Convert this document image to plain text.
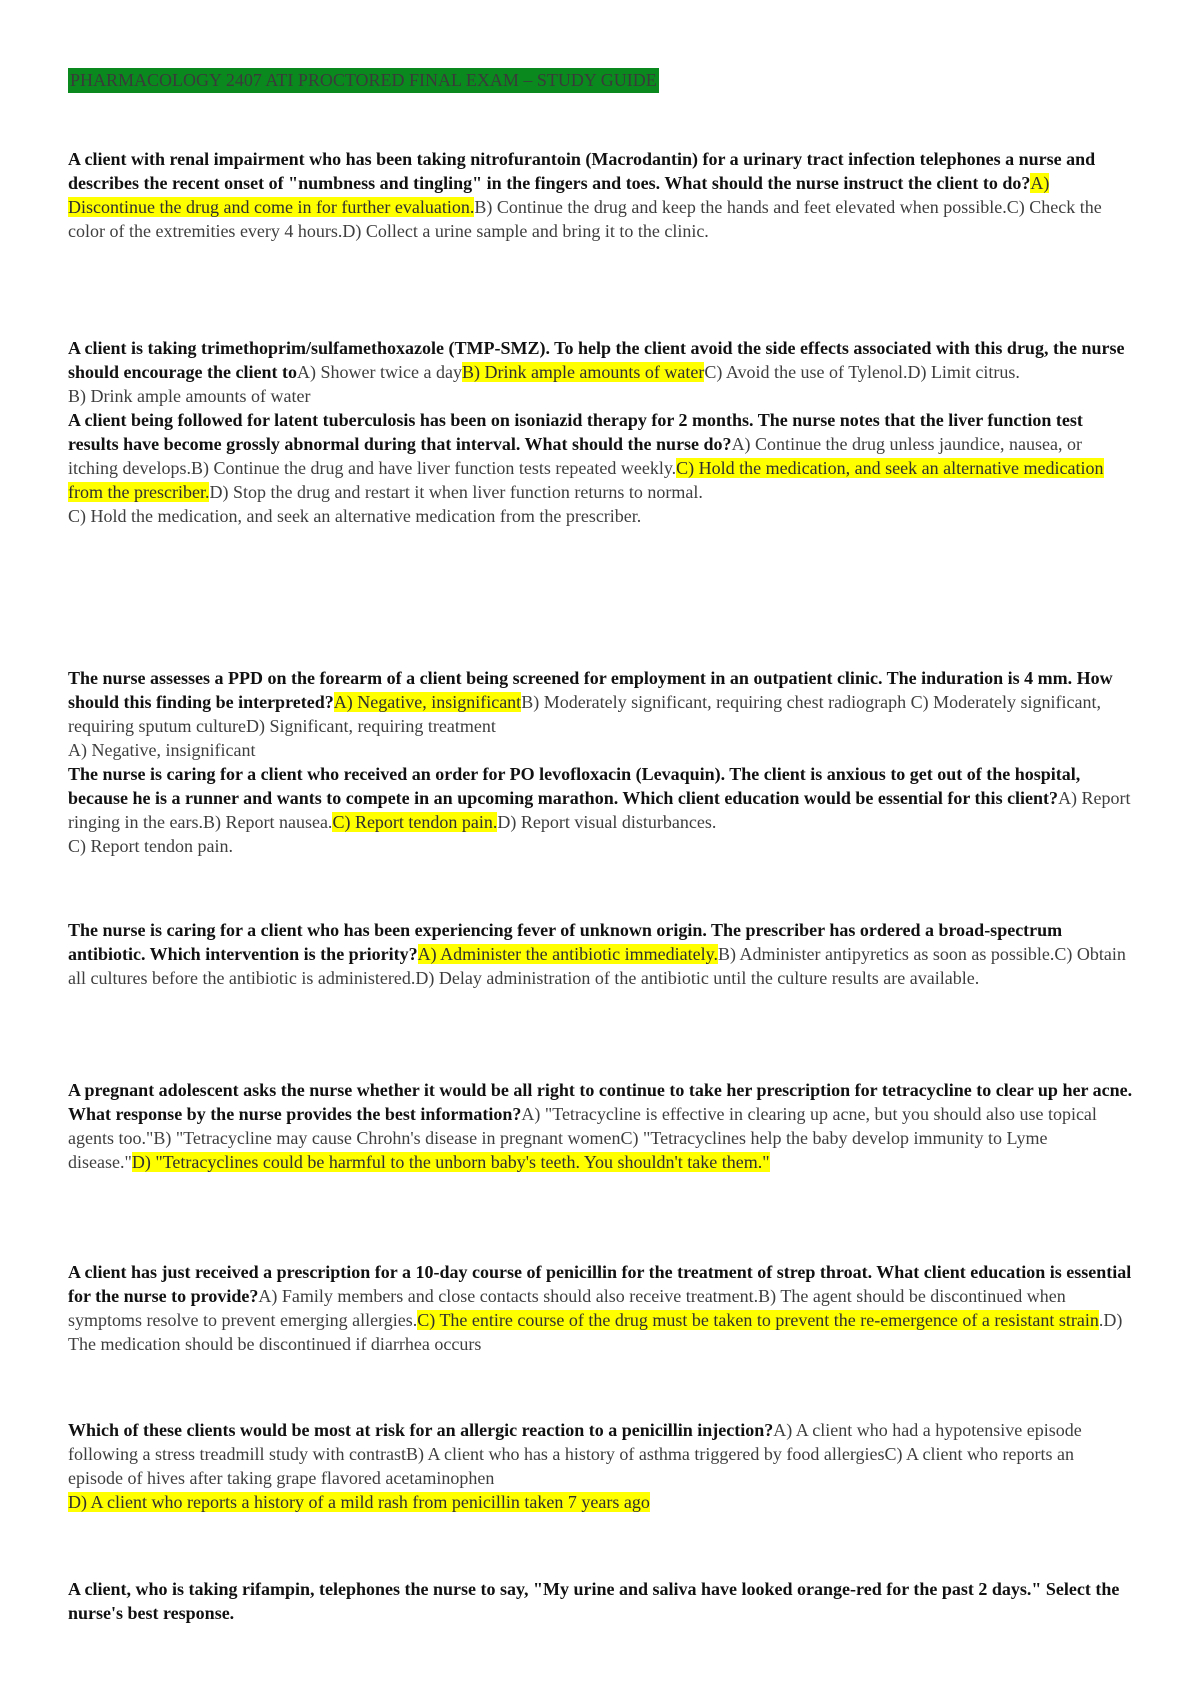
PHARMACOLOGY 2407 ATI PROCTORED FINAL EXAM – STUDY GUIDE
A client with renal impairment who has been taking nitrofurantoin (Macrodantin) for a urinary tract infection telephones a nurse and describes the recent onset of "numbness and tingling" in the fingers and toes. What should the nurse instruct the client to do?A) Discontinue the drug and come in for further evaluation.B) Continue the drug and keep the hands and feet elevated when possible.C) Check the color of the extremities every 4 hours.D) Collect a urine sample and bring it to the clinic.
A client is taking trimethoprim/sulfamethoxazole (TMP-SMZ). To help the client avoid the side effects associated with this drug, the nurse should encourage the client toA) Shower twice a dayB) Drink ample amounts of waterC) Avoid the use of Tylenol.D) Limit citrus.
B) Drink ample amounts of water
A client being followed for latent tuberculosis has been on isoniazid therapy for 2 months. The nurse notes that the liver function test results have become grossly abnormal during that interval. What should the nurse do?A) Continue the drug unless jaundice, nausea, or itching develops.B) Continue the drug and have liver function tests repeated weekly.C) Hold the medication, and seek an alternative medication from the prescriber.D) Stop the drug and restart it when liver function returns to normal.
C) Hold the medication, and seek an alternative medication from the prescriber.
The nurse assesses a PPD on the forearm of a client being screened for employment in an outpatient clinic. The induration is 4 mm. How should this finding be interpreted?A) Negative, insignificantB) Moderately significant, requiring chest radiograph C) Moderately significant, requiring sputum cultureD) Significant, requiring treatment
A) Negative, insignificant
The nurse is caring for a client who received an order for PO levofloxacin (Levaquin). The client is anxious to get out of the hospital, because he is a runner and wants to compete in an upcoming marathon. Which client education would be essential for this client?A) Report ringing in the ears.B) Report nausea.C) Report tendon pain.D) Report visual disturbances.
C) Report tendon pain.
The nurse is caring for a client who has been experiencing fever of unknown origin. The prescriber has ordered a broad-spectrum antibiotic. Which intervention is the priority?A) Administer the antibiotic immediately.B) Administer antipyretics as soon as possible.C) Obtain all cultures before the antibiotic is administered.D) Delay administration of the antibiotic until the culture results are available.
A pregnant adolescent asks the nurse whether it would be all right to continue to take her prescription for tetracycline to clear up her acne. What response by the nurse provides the best information?A) "Tetracycline is effective in clearing up acne, but you should also use topical agents too."B) "Tetracycline may cause Chrohn's disease in pregnant womenC) "Tetracyclines help the baby develop immunity to Lyme disease."D) "Tetracyclines could be harmful to the unborn baby's teeth. You shouldn't take them."
A client has just received a prescription for a 10-day course of penicillin for the treatment of strep throat. What client education is essential for the nurse to provide?A) Family members and close contacts should also receive treatment.B) The agent should be discontinued when symptoms resolve to prevent emerging allergies.C) The entire course of the drug must be taken to prevent the re-emergence of a resistant strain.D) The medication should be discontinued if diarrhea occurs
Which of these clients would be most at risk for an allergic reaction to a penicillin injection?A) A client who had a hypotensive episode following a stress treadmill study with contrastB) A client who has a history of asthma triggered by food allergiesC) A client who reports an episode of hives after taking grape flavored acetaminophen
D) A client who reports a history of a mild rash from penicillin taken 7 years ago
A client, who is taking rifampin, telephones the nurse to say, "My urine and saliva have looked orange-red for the past 2 days." Select the nurse's best response.
